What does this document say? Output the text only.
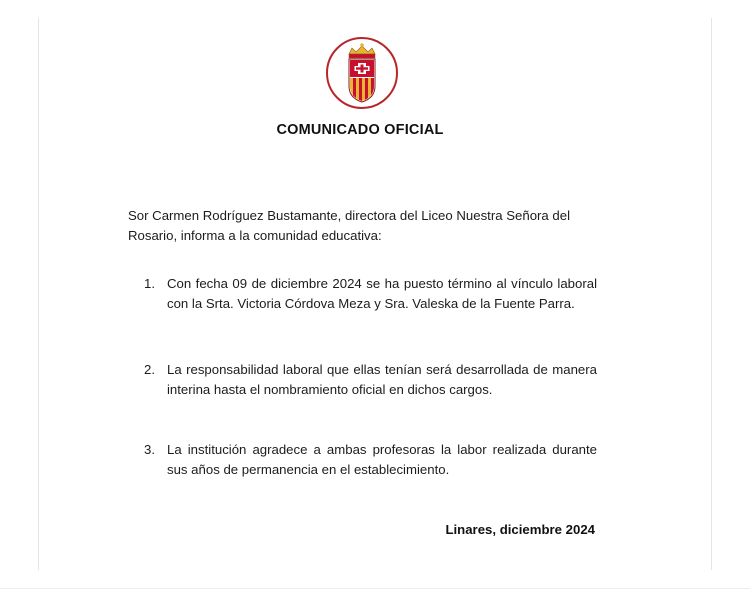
COMUNICADO OFICIAL
Sor Carmen Rodríguez Bustamante, directora del Liceo Nuestra Señora del Rosario, informa a la comunidad educativa:
1. Con fecha 09 de diciembre 2024 se ha puesto término al vínculo laboral con la Srta. Victoria Córdova Meza y Sra. Valeska de la Fuente Parra.
2. La responsabilidad laboral que ellas tenían será desarrollada de manera interina hasta el nombramiento oficial en dichos cargos.
3. La institución agradece a ambas profesoras la labor realizada durante sus años de permanencia en el establecimiento.
Linares, diciembre 2024
